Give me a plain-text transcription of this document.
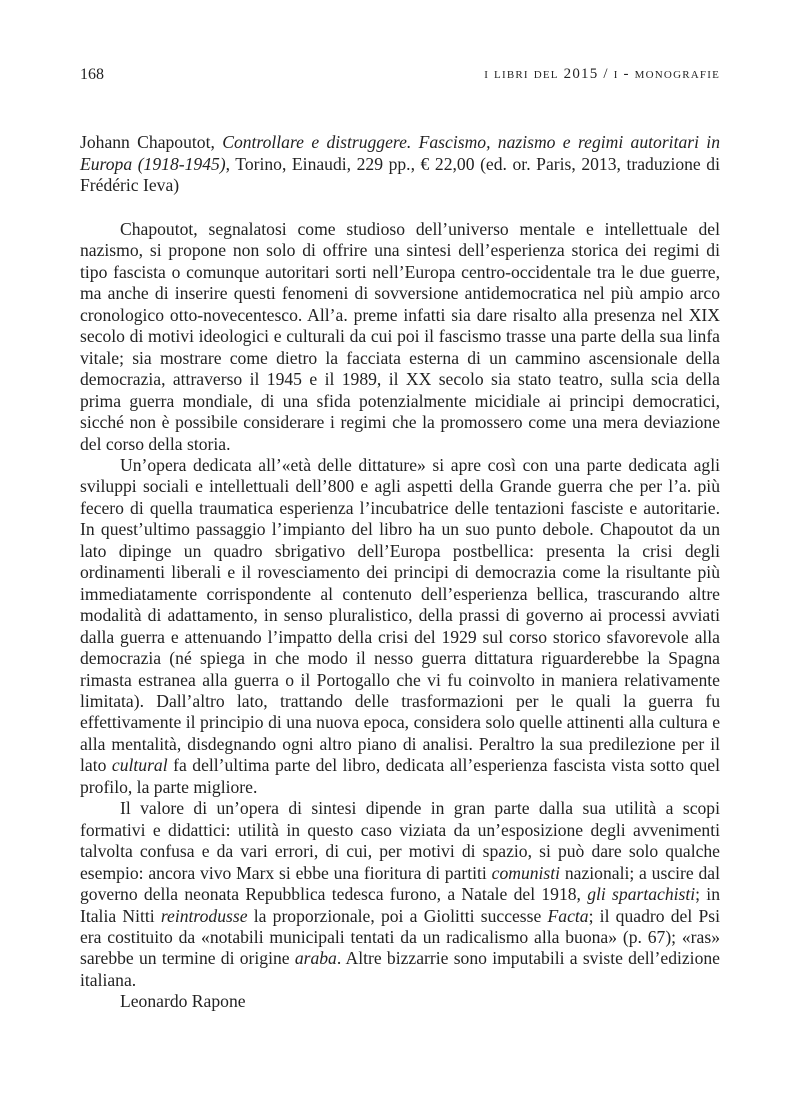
168	i libri del 2015 / i - monografie

Johann Chapoutot, Controllare e distruggere. Fascismo, nazismo e regimi autoritari in Europa (1918-1945), Torino, Einaudi, 229 pp., € 22,00 (ed. or. Paris, 2013, traduzione di Frédéric Ieva)

Chapoutot, segnalatosi come studioso dell’universo mentale e intellettuale del nazismo, si propone non solo di offrire una sintesi dell’esperienza storica dei regimi di tipo fascista o comunque autoritari sorti nell’Europa centro-occidentale tra le due guerre, ma anche di inserire questi fenomeni di sovversione antidemocratica nel più ampio arco cronologico otto-novecentesco. All’a. preme infatti sia dare risalto alla presenza nel XIX secolo di motivi ideologici e culturali da cui poi il fascismo trasse una parte della sua linfa vitale; sia mostrare come dietro la facciata esterna di un cammino ascensionale della democrazia, attraverso il 1945 e il 1989, il XX secolo sia stato teatro, sulla scia della prima guerra mondiale, di una sfida potenzialmente micidiale ai principi democratici, sicché non è possibile considerare i regimi che la promossero come una mera deviazione del corso della storia.

Un’opera dedicata all’«età delle dittature» si apre così con una parte dedicata agli sviluppi sociali e intellettuali dell’800 e agli aspetti della Grande guerra che per l’a. più fecero di quella traumatica esperienza l’incubatrice delle tentazioni fasciste e autoritarie. In quest’ultimo passaggio l’impianto del libro ha un suo punto debole. Chapoutot da un lato dipinge un quadro sbrigativo dell’Europa postbellica: presenta la crisi degli ordinamenti liberali e il rovesciamento dei principi di democrazia come la risultante più immediatamente corrispondente al contenuto dell’esperienza bellica, trascurando altre modalità di adattamento, in senso pluralistico, della prassi di governo ai processi avviati dalla guerra e attenuando l’impatto della crisi del 1929 sul corso storico sfavorevole alla democrazia (né spiega in che modo il nesso guerra dittatura riguarderebbe la Spagna rimasta estranea alla guerra o il Portogallo che vi fu coinvolto in maniera relativamente limitata). Dall’altro lato, trattando delle trasformazioni per le quali la guerra fu effettivamente il principio di una nuova epoca, considera solo quelle attinenti alla cultura e alla mentalità, disdegnando ogni altro piano di analisi. Peraltro la sua predilezione per il lato cultural fa dell’ultima parte del libro, dedicata all’esperienza fascista vista sotto quel profilo, la parte migliore.

Il valore di un’opera di sintesi dipende in gran parte dalla sua utilità a scopi formativi e didattici: utilità in questo caso viziata da un’esposizione degli avvenimenti talvolta confusa e da vari errori, di cui, per motivi di spazio, si può dare solo qualche esempio: ancora vivo Marx si ebbe una fioritura di partiti comunisti nazionali; a uscire dal governo della neonata Repubblica tedesca furono, a Natale del 1918, gli spartachisti; in Italia Nitti reintrodusse la proporzionale, poi a Giolitti successe Facta; il quadro del Psi era costituito da «notabili municipali tentati da un radicalismo alla buona» (p. 67); «ras» sarebbe un termine di origine araba. Altre bizzarrie sono imputabili a sviste dell’edizione italiana.

Leonardo Rapone
